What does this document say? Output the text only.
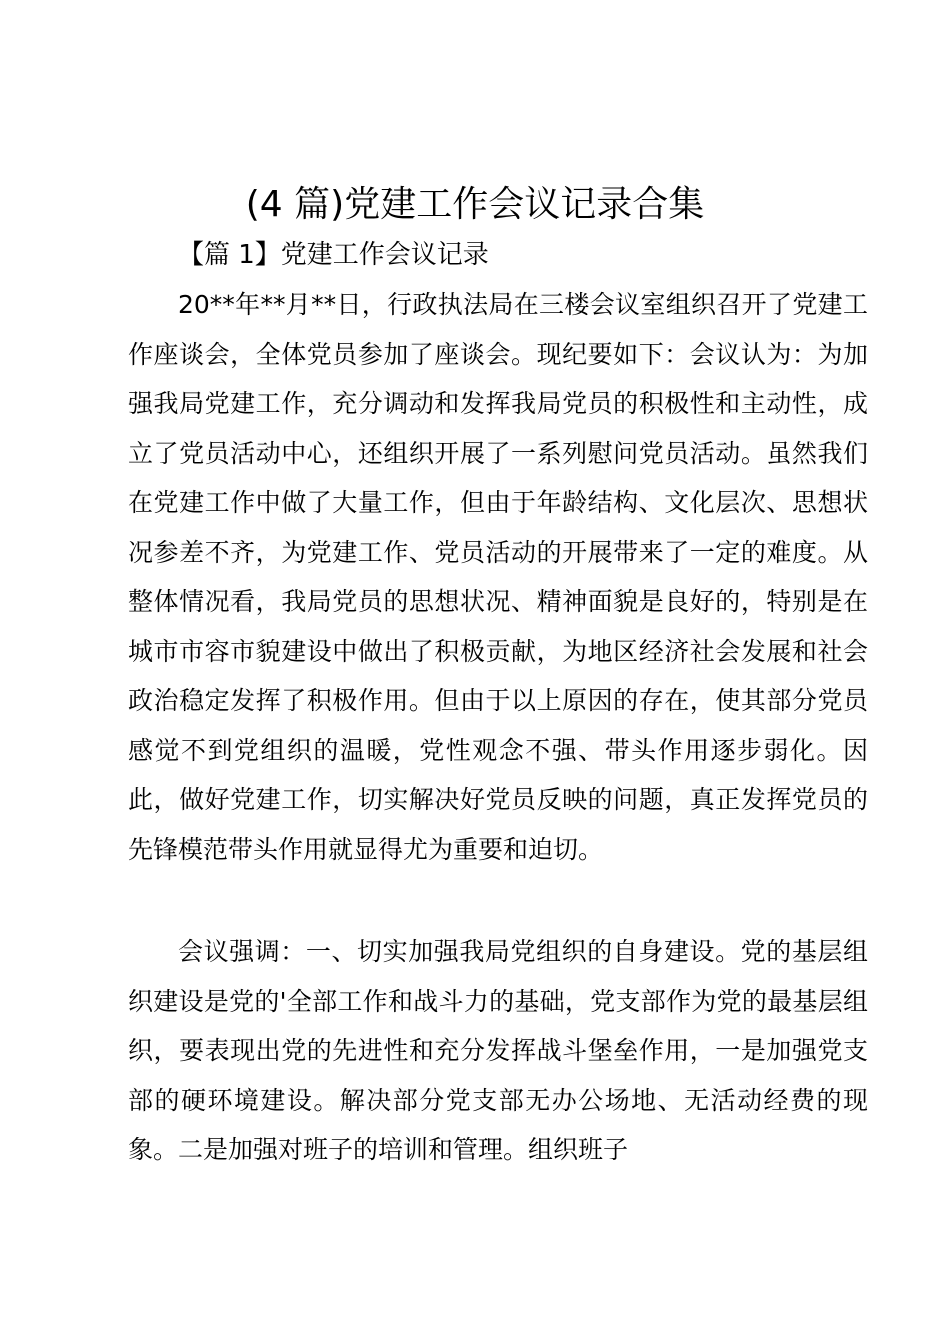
(4 篇)党建工作会议记录合集

【篇 1】党建工作会议记录

20**年**月**日，行政执法局在三楼会议室组织召开了党建工作座谈会，全体党员参加了座谈会。现纪要如下：会议认为：为加强我局党建工作，充分调动和发挥我局党员的积极性和主动性，成立了党员活动中心，还组织开展了一系列慰问党员活动。虽然我们在党建工作中做了大量工作，但由于年龄结构、文化层次、思想状况参差不齐，为党建工作、党员活动的开展带来了一定的难度。从整体情况看，我局党员的思想状况、精神面貌是良好的，特别是在城市市容市貌建设中做出了积极贡献，为地区经济社会发展和社会政治稳定发挥了积极作用。但由于以上原因的存在，使其部分党员感觉不到党组织的温暖，党性观念不强、带头作用逐步弱化。因此，做好党建工作，切实解决好党员反映的问题，真正发挥党员的先锋模范带头作用就显得尤为重要和迫切。

会议强调：一、切实加强我局党组织的自身建设。党的基层组织建设是党的'全部工作和战斗力的基础，党支部作为党的最基层组织，要表现出党的先进性和充分发挥战斗堡垒作用，一是加强党支部的硬环境建设。解决部分党支部无办公场地、无活动经费的现象。二是加强对班子的培训和管理。组织班子
